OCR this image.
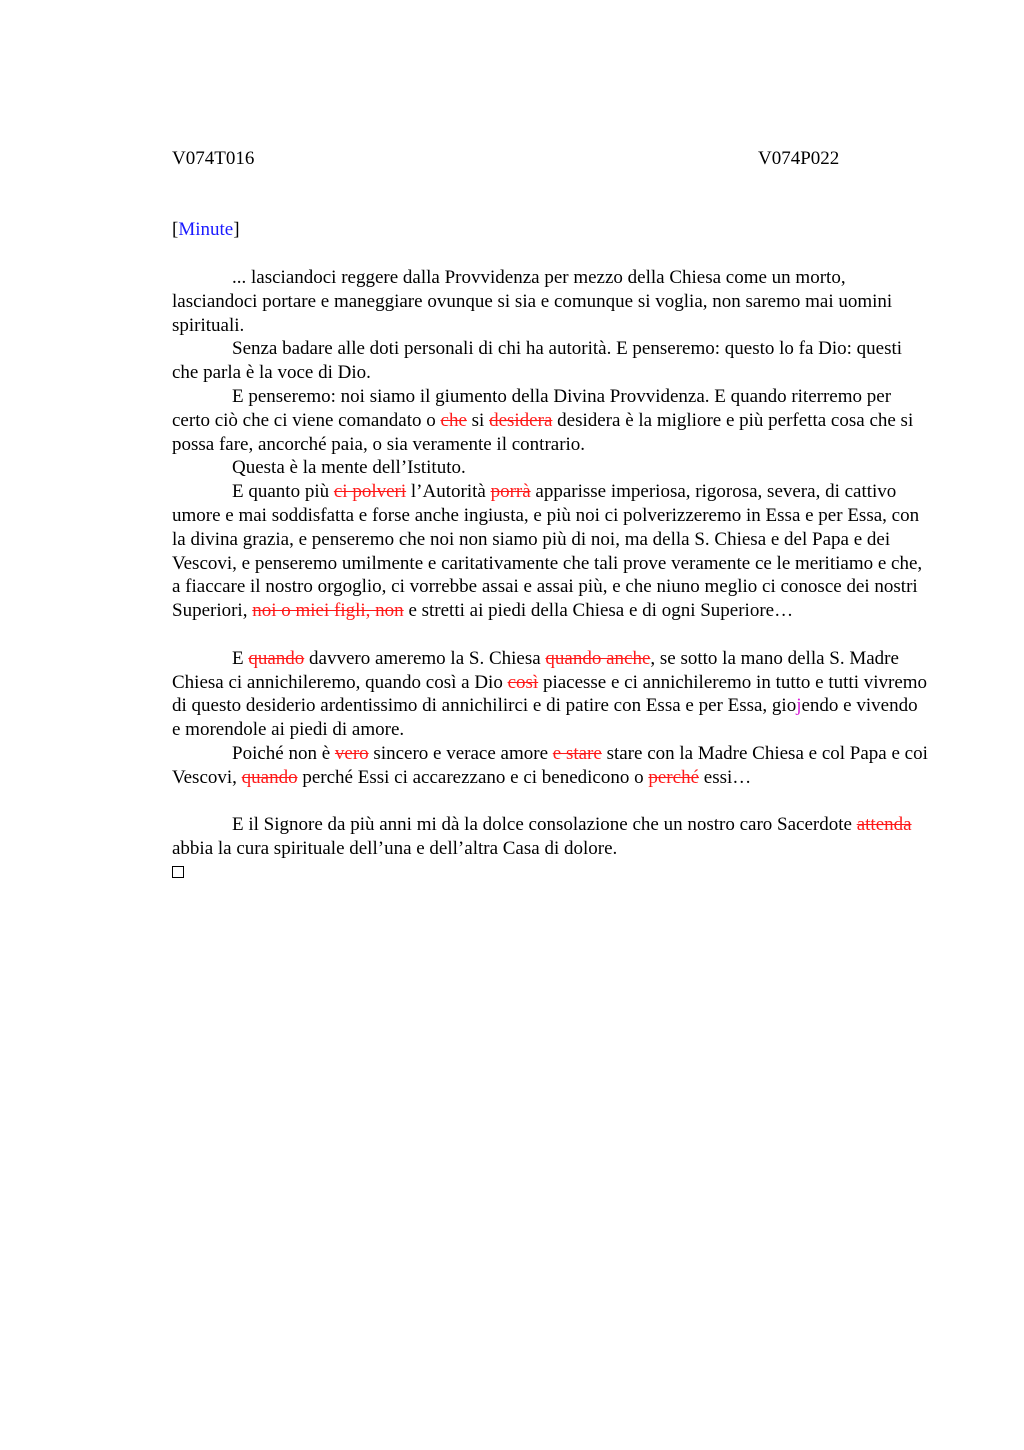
V074T016	V074P022
[Minute]

... lasciandoci reggere dalla Provvidenza per mezzo della Chiesa come un morto, lasciandoci portare e maneggiare ovunque si sia e comunque si voglia, non saremo mai uomini spirituali.

Senza badare alle doti personali di chi ha autorità. E penseremo: questo lo fa Dio: questi che parla è la voce di Dio.

E penseremo: noi siamo il giumento della Divina Provvidenza. E quando riterremo per certo ciò che ci viene comandato o che si desidera desidera è la migliore e più perfetta cosa che si possa fare, ancorché paia, o sia veramente il contrario.

Questa è la mente dell’Istituto.

E quanto più ci polveri l’Autorità porrà apparisse imperiosa, rigorosa, severa, di cattivo umore e mai soddisfatta e forse anche ingiusta, e più noi ci polverizzeremo in Essa e per Essa, con la divina grazia, e penseremo che noi non siamo più di noi, ma della S. Chiesa e del Papa e dei Vescovi, e penseremo umilmente e caritativamente che tali prove veramente ce le meritiamo e che, a fiaccare il nostro orgoglio, ci vorrebbe assai e assai più, e che niuno meglio ci conosce dei nostri Superiori, noi o miei figli, non e stretti ai piedi della Chiesa e di ogni Superiore…

E quando davvero ameremo la S. Chiesa quando anche, se sotto la mano della S. Madre Chiesa ci annichileremo, quando così a Dio così piacesse e ci annichileremo in tutto e tutti vivremo di questo desiderio ardentissimo di annichilirci e di patire con Essa e per Essa, giojendo e vivendo e morendole ai piedi di amore.

Poiché non è vero sincero e verace amore e stare stare con la Madre Chiesa e col Papa e coi Vescovi, quando perché Essi ci accarezzano e ci benedicono o perché essi…

E il Signore da più anni mi dà la dolce consolazione che un nostro caro Sacerdote attenda abbia la cura spirituale dell’una e dell’altra Casa di dolore.
